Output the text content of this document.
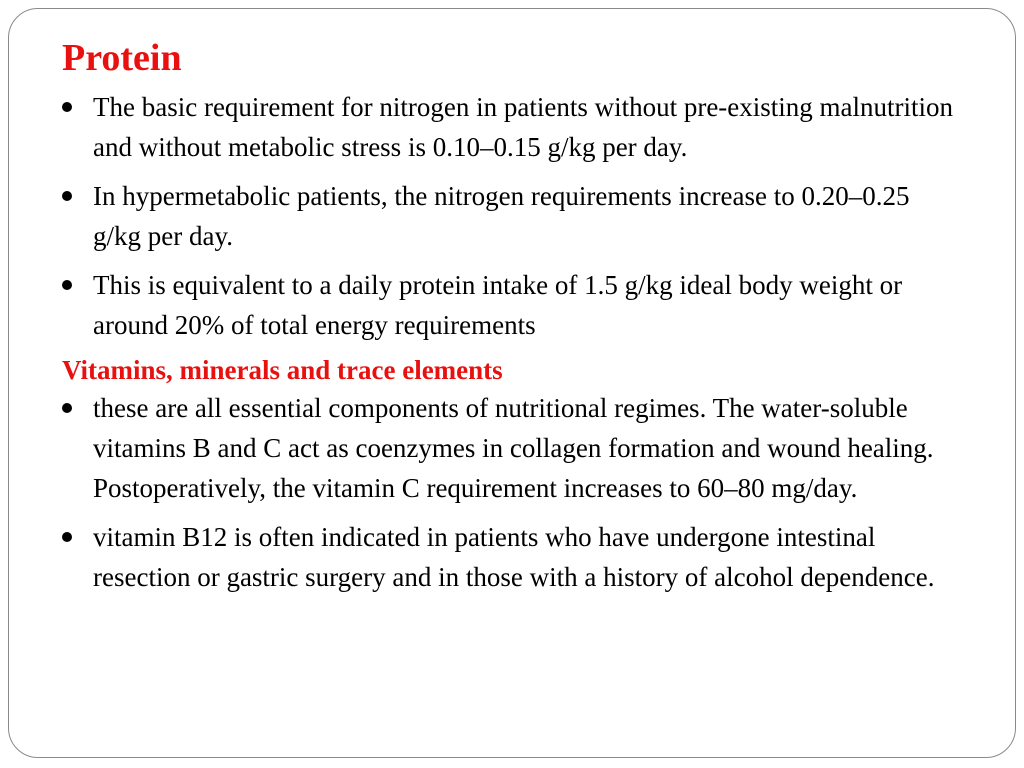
Protein
The basic requirement for nitrogen in patients without pre-existing malnutrition and without metabolic stress is 0.10–0.15 g/kg per day.
In hypermetabolic patients, the nitrogen requirements increase to 0.20–0.25 g/kg per day.
This is equivalent to a daily protein intake of 1.5 g/kg ideal body weight or around 20% of total energy requirements
Vitamins, minerals and trace elements
these are all essential components of nutritional regimes. The water-soluble vitamins B and C act as coenzymes in collagen formation and wound healing. Postoperatively, the vitamin C requirement increases to 60–80 mg/day.
vitamin B12 is often indicated in patients who have undergone intestinal resection or gastric surgery and in those with a history of alcohol dependence.
